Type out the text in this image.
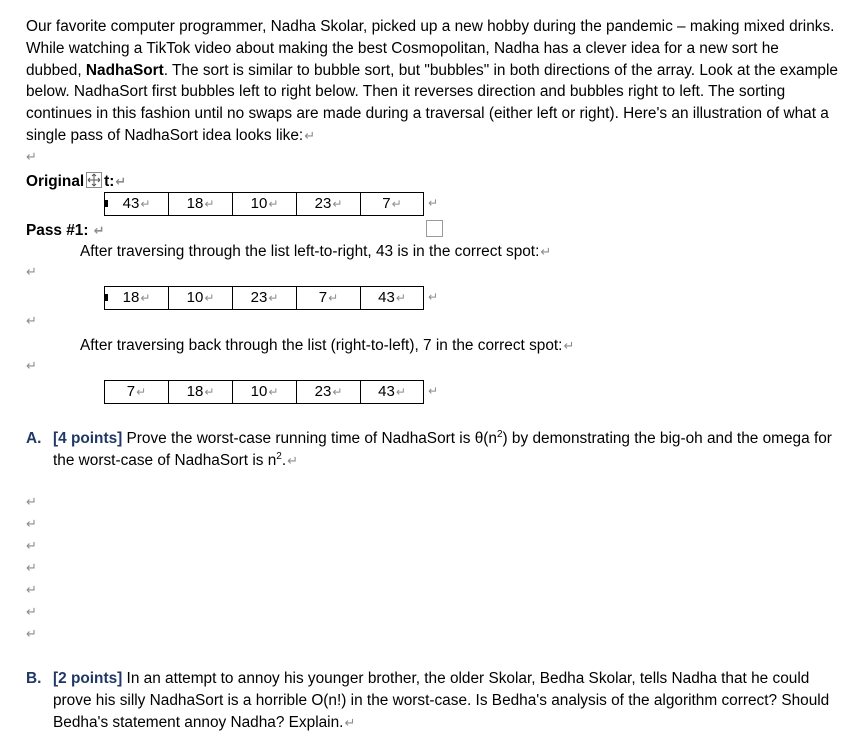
Our favorite computer programmer, Nadha Skolar, picked up a new hobby during the pandemic – making mixed drinks. While watching a TikTok video about making the best Cosmopolitan, Nadha has a clever idea for a new sort he dubbed, NadhaSort. The sort is similar to bubble sort, but "bubbles" in both directions of the array. Look at the example below. NadhaSort first bubbles left to right below. Then it reverses direction and bubbles right to left. The sorting continues in this fashion until no swaps are made during a traversal (either left or right). Here's an illustration of what a single pass of NadhaSort idea looks like:↵

↵
Original t:↵
43↵	18↵	10↵	23↵	7↵	↵
Pass #1: ↵
After traversing through the list left-to-right, 43 is in the correct spot:↵
↵
18↵	10↵	23↵	7↵	43↵	↵
↵
After traversing back through the list (right-to-left), 7 in the correct spot:↵
↵
7↵	18↵	10↵	23↵	43↵	↵
A. [4 points] Prove the worst-case running time of NadhaSort is $\theta(n^2)$ by demonstrating the big-oh and the omega for the worst-case of NadhaSort is $n^2.↵$
↵
↵
↵
↵
↵
↵
↵
B. [2 points] In an attempt to annoy his younger brother, the older Skolar, Bedha Skolar, tells Nadha that he could prove his silly NadhaSort is a horrible O(n!) in the worst-case. Is Bedha's analysis of the algorithm correct? Should Bedha's statement annoy Nadha? Explain.↵
